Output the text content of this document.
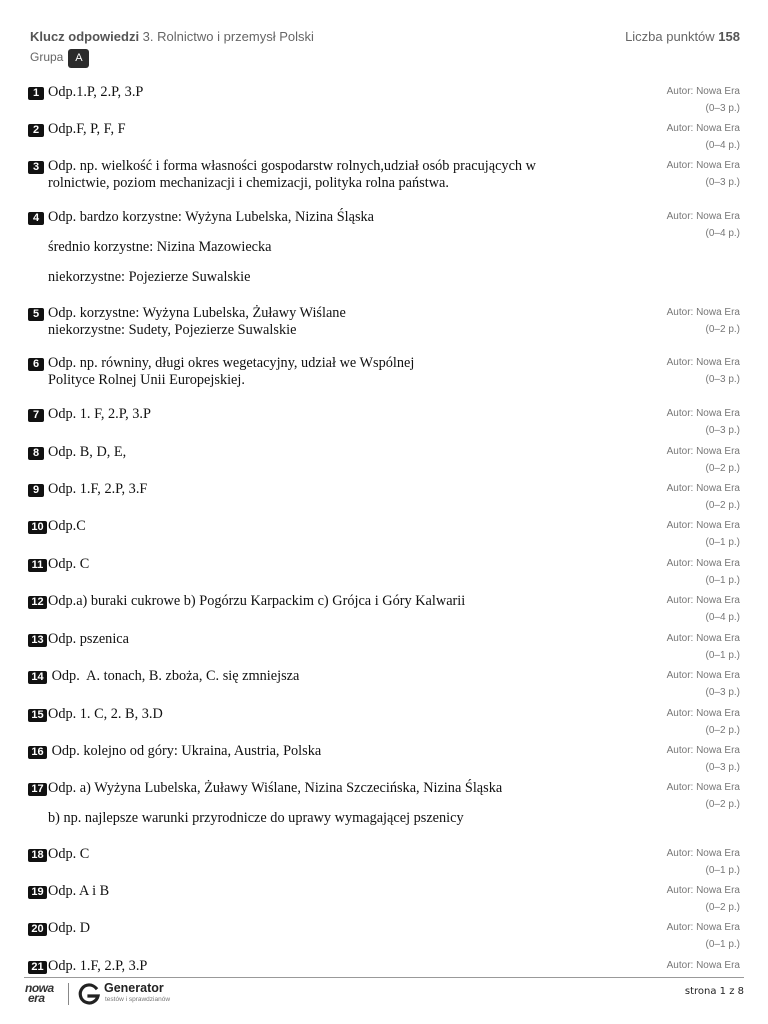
Klucz odpowiedzi 3. Rolnictwo i przemysł Polski	Liczba punktów 158
Grupa A
1 Odp.1.P, 2.P, 3.P	Autor: Nowa Era
(0–3 p.)
2 Odp.F, P, F, F	Autor: Nowa Era
(0–4 p.)
3 Odp. np. wielkość i forma własności gospodarstw rolnych,udział osób pracujących w
rolnictwie, poziom mechanizacji i chemizacji, polityka rolna państwa.
Autor: Nowa Era
(0–3 p.)
4 Odp. bardzo korzystne: Wyżyna Lubelska, Nizina Śląska
średnio korzystne: Nizina Mazowiecka
niekorzystne: Pojezierze Suwalskie
Autor: Nowa Era
(0–4 p.)
5 Odp. korzystne: Wyżyna Lubelska, Żuławy Wiślane
niekorzystne: Sudety, Pojezierze Suwalskie
Autor: Nowa Era
(0–2 p.)
6 Odp. np. równiny, długi okres wegetacyjny, udział we Wspólnej
Polityce Rolnej Unii Europejskiej.
Autor: Nowa Era
(0–3 p.)
7 Odp. 1. F, 2.P, 3.P	Autor: Nowa Era
(0–3 p.)
8 Odp. B, D, E,	Autor: Nowa Era
(0–2 p.)
9 Odp. 1.F, 2.P, 3.F	Autor: Nowa Era
(0–2 p.)
10 Odp.C	Autor: Nowa Era
(0–1 p.)
11 Odp. C	Autor: Nowa Era
(0–1 p.)
12 Odp.a) buraki cukrowe b) Pogórzu Karpackim c) Grójca i Góry Kalwarii	Autor: Nowa Era
(0–4 p.)
13 Odp. pszenica	Autor: Nowa Era
(0–1 p.)
14 Odp.  A. tonach, B. zboża, C. się zmniejsza	Autor: Nowa Era
(0–3 p.)
15 Odp. 1. C, 2. B, 3.D	Autor: Nowa Era
(0–2 p.)
16 Odp. kolejno od góry: Ukraina, Austria, Polska	Autor: Nowa Era
(0–3 p.)
17 Odp. a) Wyżyna Lubelska, Żuławy Wiślane, Nizina Szczecińska, Nizina Śląska
b) np. najlepsze warunki przyrodnicze do uprawy wymagającej pszenicy
Autor: Nowa Era
(0–2 p.)
18 Odp. C	Autor: Nowa Era
(0–1 p.)
19 Odp. A i B	Autor: Nowa Era
(0–2 p.)
20 Odp. D	Autor: Nowa Era
(0–1 p.)
21 Odp. 1.F, 2.P, 3.P	Autor: Nowa Era
nowa
era
Generator
testów i sprawdzianów
strona 1 z 8
